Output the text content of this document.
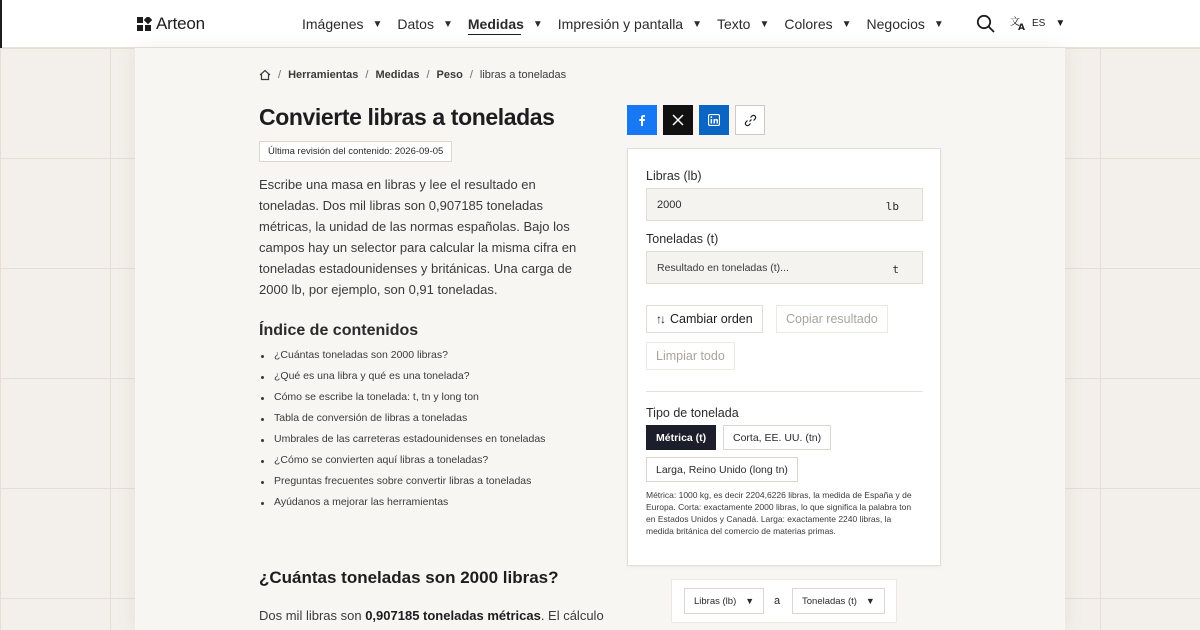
Arteon	Imágenes ▼ Datos ▼ Medidas ▼ Impresión y pantalla ▼ Texto ▼ Colores ▼ Negocios ▼	文
A ES ▼
/ Herramientas / Medidas / Peso / libras a toneladas
Convierte libras a toneladas
Última revisión del contenido: 2026-09-05

Escribe una masa en libras y lee el resultado en toneladas. Dos mil libras son 0,907185 toneladas métricas, la unidad de las normas españolas. Bajo los campos hay un selector para calcular la misma cifra en toneladas estadounidenses y británicas. Una carga de 2000 lb, por ejemplo, son 0,91 toneladas.

Índice de contenidos
¿Cuántas toneladas son 2000 libras?
¿Qué es una libra y qué es una tonelada?
Cómo se escribe la tonelada: t, tn y long ton
Tabla de conversión de libras a toneladas
Umbrales de las carreteras estadounidenses en toneladas
¿Cómo se convierten aquí libras a toneladas?
Preguntas frecuentes sobre convertir libras a toneladas
Ayúdanos a mejorar las herramientas
¿Cuántas toneladas son 2000 libras?

Dos mil libras son 0,907185 toneladas métricas. El cálculo

Libras (lb)
2000
lb
Toneladas (t)
Resultado en toneladas (t)...
t
↑↓ Cambiar orden	Copiar resultado
Limpiar todo
Tipo de tonelada
Métrica (t)	Corta, EE. UU. (tn)
Larga, Reino Unido (long tn)

Métrica: 1000 kg, es decir 2204,6226 libras, la medida de España y de Europa. Corta: exactamente 2000 libras, lo que significa la palabra ton en Estados Unidos y Canadá. Larga: exactamente 2240 libras, la medida británica del comercio de materias primas.

Libras (lb) ▼ a Toneladas (t) ▼
